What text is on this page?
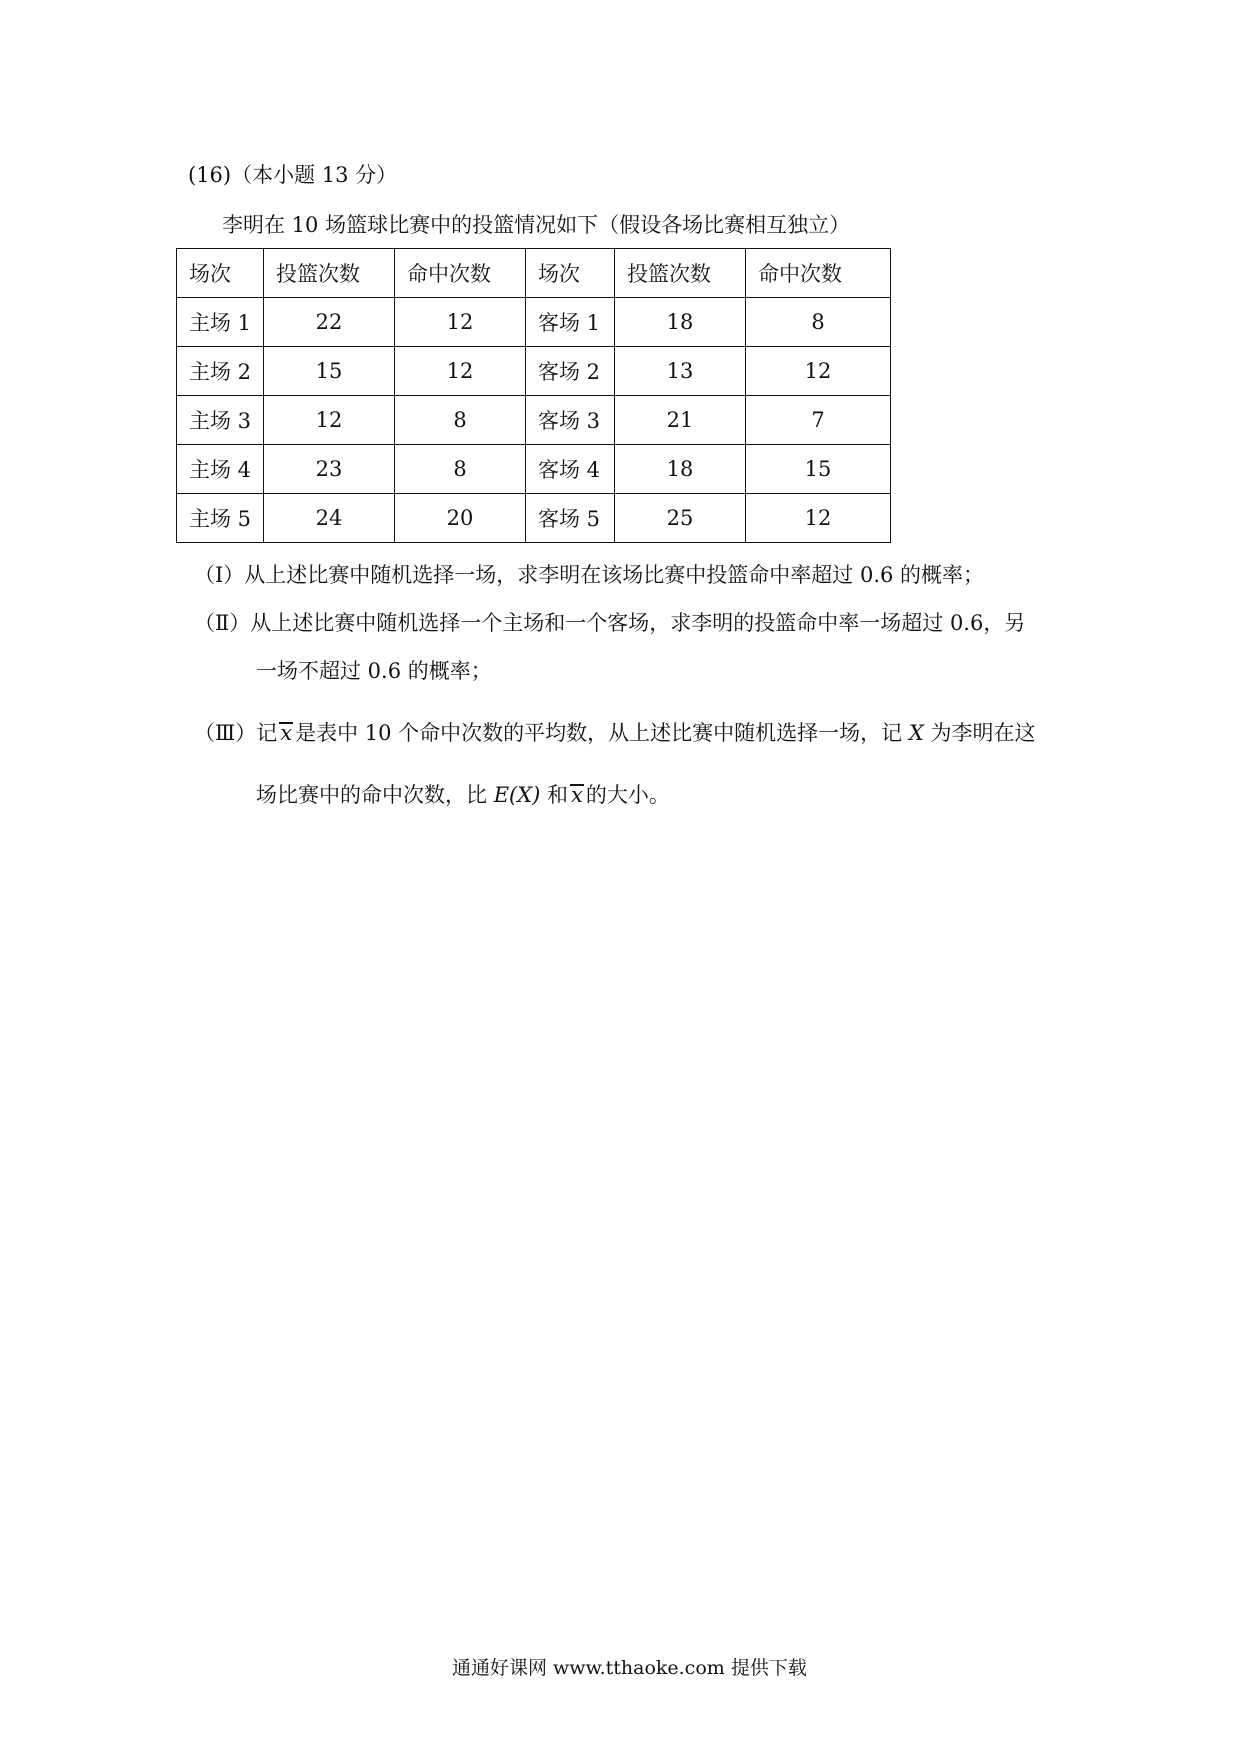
(16)（本小题 13 分）
李明在 10 场篮球比赛中的投篮情况如下（假设各场比赛相互独立）
场次	投篮次数	命中次数	场次	投篮次数	命中次数
主场 1	22	12	客场 1	18	8
主场 2	15	12	客场 2	13	12
主场 3	12	8	客场 3	21	7
主场 4	23	8	客场 4	18	15
主场 5	24	20	客场 5	25	12
（Ⅰ）从上述比赛中随机选择一场，求李明在该场比赛中投篮命中率超过 0.6 的概率；
（Ⅱ）从上述比赛中随机选择一个主场和一个客场，求李明的投篮命中率一场超过 0.6，另
一场不超过 0.6 的概率；
（Ⅲ）记 x 是表中 10 个命中次数的平均数，从上述比赛中随机选择一场，记 X 为李明在这
场比赛中的命中次数，比 E(X) 和 x 的大小。
通通好课网 www.tthaoke.com 提供下载
